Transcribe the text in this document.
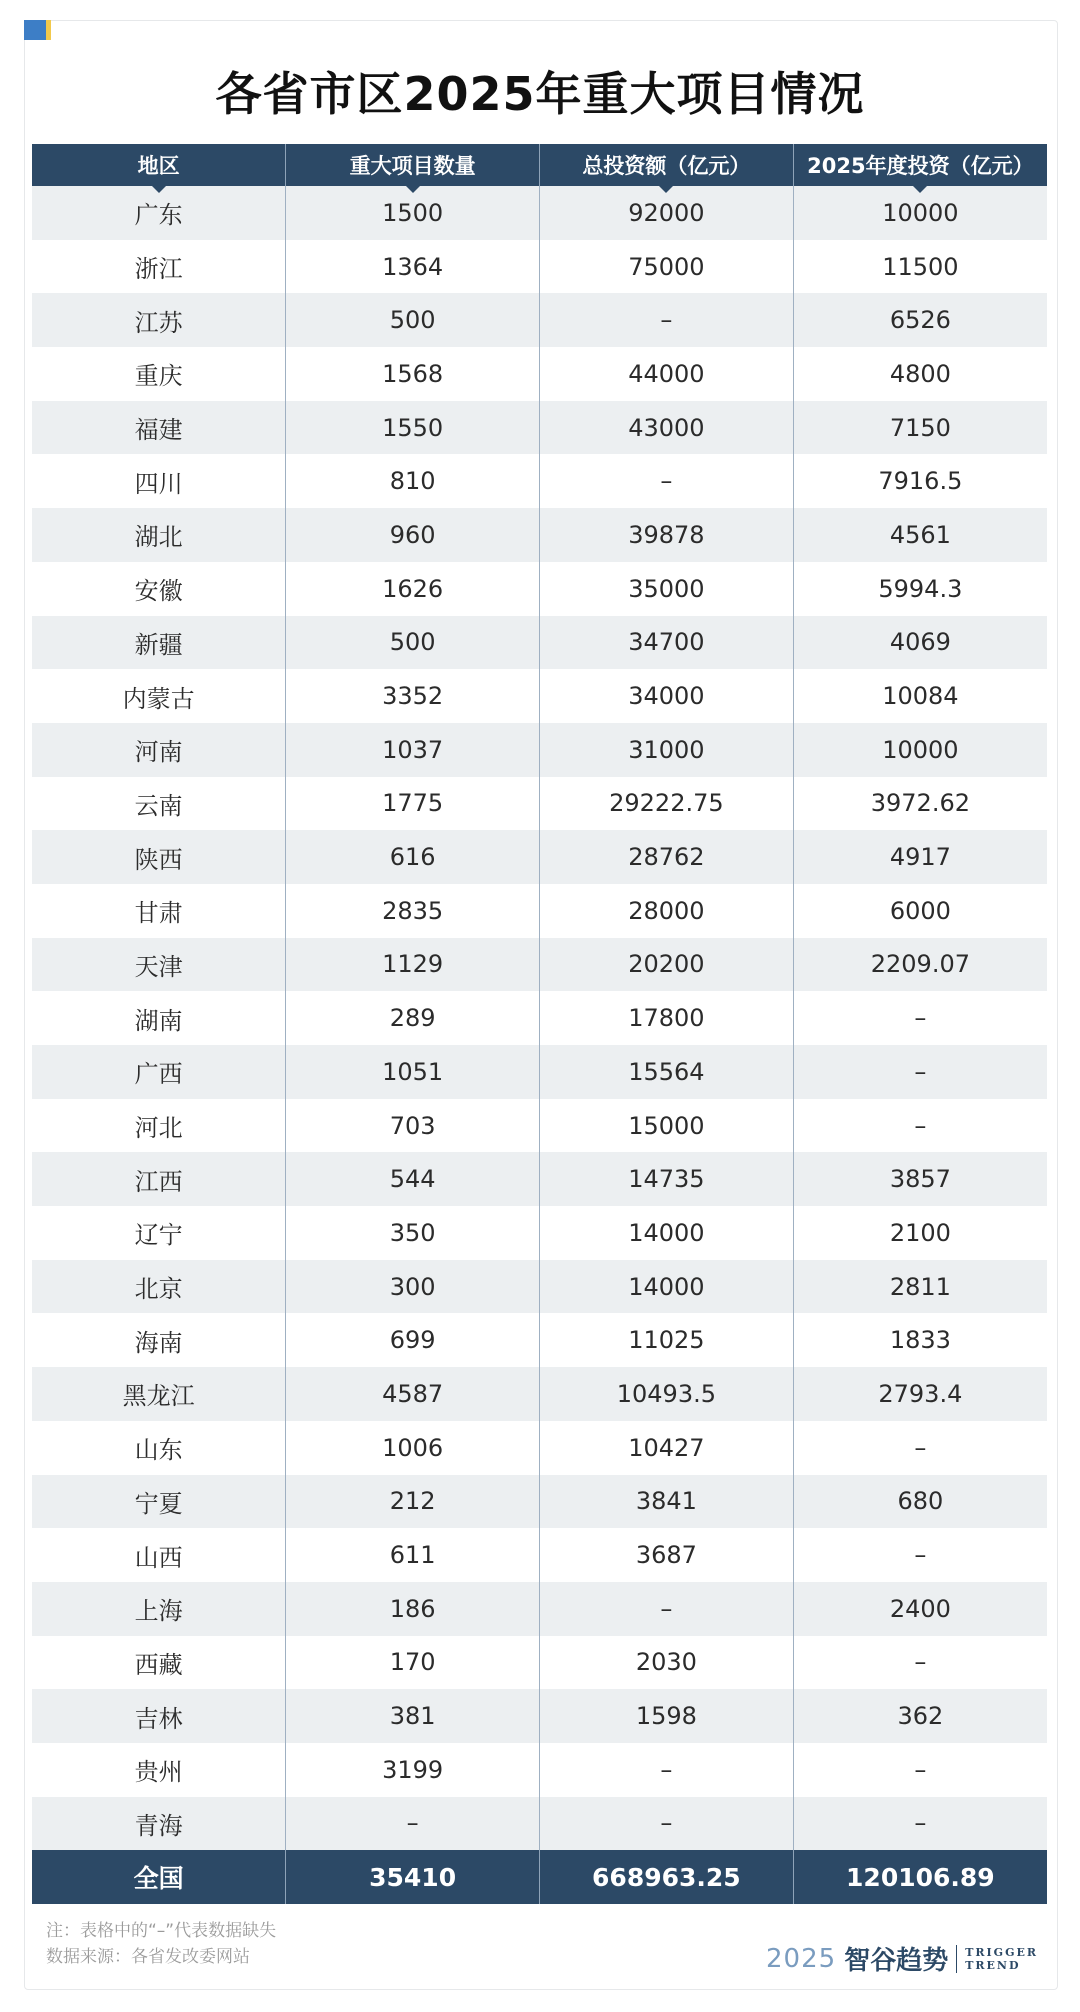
各省市区2025年重大项目情况
地区	重大项目数量	总投资额（亿元）	2025年度投资（亿元）

广东	1500	92000	10000
浙江	1364	75000	11500
江苏	500	–	6526
重庆	1568	44000	4800
福建	1550	43000	7150
四川	810	–	7916.5
湖北	960	39878	4561
安徽	1626	35000	5994.3
新疆	500	34700	4069
内蒙古	3352	34000	10084
河南	1037	31000	10000
云南	1775	29222.75	3972.62
陕西	616	28762	4917
甘肃	2835	28000	6000
天津	1129	20200	2209.07
湖南	289	17800	–
广西	1051	15564	–
河北	703	15000	–
江西	544	14735	3857
辽宁	350	14000	2100
北京	300	14000	2811
海南	699	11025	1833
黑龙江	4587	10493.5	2793.4
山东	1006	10427	–
宁夏	212	3841	680
山西	611	3687	–
上海	186	–	2400
西藏	170	2030	–
吉林	381	1598	362
贵州	3199	–	–
青海	–	–	–
全国	35410	668963.25	120106.89
注：表格中的“–”代表数据缺失
数据来源：各省发改委网站	2025 智谷趋势 TRIGGER
TREND
